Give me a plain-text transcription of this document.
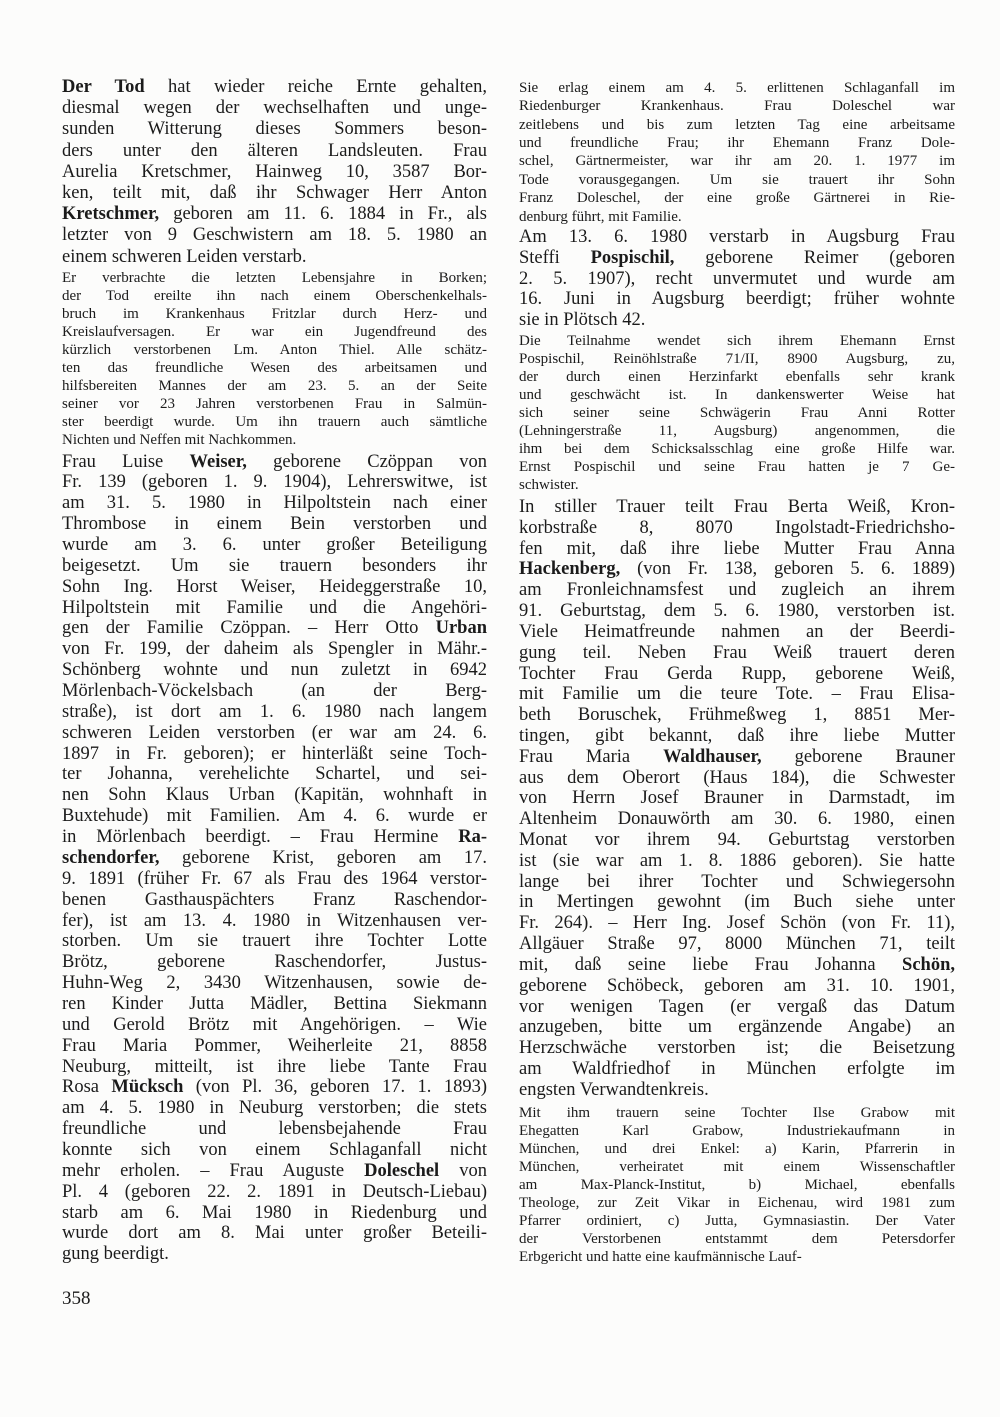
Der Tod hat wieder reiche Ernte gehalten,
diesmal wegen der wechselhaften und unge-
sunden Witterung dieses Sommers beson-
ders unter den älteren Landsleuten. Frau
Aurelia Kretschmer, Hainweg 10, 3587 Bor-
ken, teilt mit, daß ihr Schwager Herr Anton
Kretschmer, geboren am 11. 6. 1884 in Fr., als
letzter von 9 Geschwistern am 18. 5. 1980 an
einem schweren Leiden verstarb.
Er verbrachte die letzten Lebensjahre in Borken;
der Tod ereilte ihn nach einem Oberschenkelhals-
bruch im Krankenhaus Fritzlar durch Herz- und
Kreislaufversagen. Er war ein Jugendfreund des
kürzlich verstorbenen Lm. Anton Thiel. Alle schätz-
ten das freundliche Wesen des arbeitsamen und
hilfsbereiten Mannes der am 23. 5. an der Seite
seiner vor 23 Jahren verstorbenen Frau in Salmün-
ster beerdigt wurde. Um ihn trauern auch sämtliche
Nichten und Neffen mit Nachkommen.
Frau Luise Weiser, geborene Czöppan von
Fr. 139 (geboren 1. 9. 1904), Lehrerswitwe, ist
am 31. 5. 1980 in Hilpoltstein nach einer
Thrombose in einem Bein verstorben und
wurde am 3. 6. unter großer Beteiligung
beigesetzt. Um sie trauern besonders ihr
Sohn Ing. Horst Weiser, Heideggerstraße 10,
Hilpoltstein mit Familie und die Angehöri-
gen der Familie Czöppan. – Herr Otto Urban
von Fr. 199, der daheim als Spengler in Mähr.-
Schönberg wohnte und nun zuletzt in 6942
Mörlenbach-Vöckelsbach (an der Berg-
straße), ist dort am 1. 6. 1980 nach langem
schweren Leiden verstorben (er war am 24. 6.
1897 in Fr. geboren); er hinterläßt seine Toch-
ter Johanna, verehelichte Schartel, und sei-
nen Sohn Klaus Urban (Kapitän, wohnhaft in
Buxtehude) mit Familien. Am 4. 6. wurde er
in Mörlenbach beerdigt. – Frau Hermine Ra-
schendorfer, geborene Krist, geboren am 17.
9. 1891 (früher Fr. 67 als Frau des 1964 verstor-
benen Gasthauspächters Franz Raschendor-
fer), ist am 13. 4. 1980 in Witzenhausen ver-
storben. Um sie trauert ihre Tochter Lotte
Brötz, geborene Raschendorfer, Justus-
Huhn-Weg 2, 3430 Witzenhausen, sowie de-
ren Kinder Jutta Mädler, Bettina Siekmann
und Gerold Brötz mit Angehörigen. – Wie
Frau Maria Pommer, Weiherleite 21, 8858
Neuburg, mitteilt, ist ihre liebe Tante Frau
Rosa Mücksch (von Pl. 36, geboren 17. 1. 1893)
am 4. 5. 1980 in Neuburg verstorben; die stets
freundliche und lebensbejahende Frau
konnte sich von einem Schlaganfall nicht
mehr erholen. – Frau Auguste Doleschel von
Pl. 4 (geboren 22. 2. 1891 in Deutsch-Liebau)
starb am 6. Mai 1980 in Riedenburg und
wurde dort am 8. Mai unter großer Beteili-
gung beerdigt.
Sie erlag einem am 4. 5. erlittenen Schlaganfall im
Riedenburger Krankenhaus. Frau Doleschel war
zeitlebens und bis zum letzten Tag eine arbeitsame
und freundliche Frau; ihr Ehemann Franz Dole-
schel, Gärtnermeister, war ihr am 20. 1. 1977 im
Tode vorausgegangen. Um sie trauert ihr Sohn
Franz Doleschel, der eine große Gärtnerei in Rie-
denburg führt, mit Familie.
Am 13. 6. 1980 verstarb in Augsburg Frau
Steffi Pospischil, geborene Reimer (geboren
2. 5. 1907), recht unvermutet und wurde am
16. Juni in Augsburg beerdigt; früher wohnte
sie in Plötsch 42.
Die Teilnahme wendet sich ihrem Ehemann Ernst
Pospischil, Reinöhlstraße 71/II, 8900 Augsburg, zu,
der durch einen Herzinfarkt ebenfalls sehr krank
und geschwächt ist. In dankenswerter Weise hat
sich seiner seine Schwägerin Frau Anni Rotter
(Lehningerstraße 11, Augsburg) angenommen, die
ihm bei dem Schicksalsschlag eine große Hilfe war.
Ernst Pospischil und seine Frau hatten je 7 Ge-
schwister.
In stiller Trauer teilt Frau Berta Weiß, Kron-
korbstraße 8, 8070 Ingolstadt-Friedrichsho-
fen mit, daß ihre liebe Mutter Frau Anna
Hackenberg, (von Fr. 138, geboren 5. 6. 1889)
am Fronleichnamsfest und zugleich an ihrem
91. Geburtstag, dem 5. 6. 1980, verstorben ist.
Viele Heimatfreunde nahmen an der Beerdi-
gung teil. Neben Frau Weiß trauert deren
Tochter Frau Gerda Rupp, geborene Weiß,
mit Familie um die teure Tote. – Frau Elisa-
beth Boruschek, Frühmeßweg 1, 8851 Mer-
tingen, gibt bekannt, daß ihre liebe Mutter
Frau Maria Waldhauser, geborene Brauner
aus dem Oberort (Haus 184), die Schwester
von Herrn Josef Brauner in Darmstadt, im
Altenheim Donauwörth am 30. 6. 1980, einen
Monat vor ihrem 94. Geburtstag verstorben
ist (sie war am 1. 8. 1886 geboren). Sie hatte
lange bei ihrer Tochter und Schwiegersohn
in Mertingen gewohnt (im Buch siehe unter
Fr. 264). – Herr Ing. Josef Schön (von Fr. 11),
Allgäuer Straße 97, 8000 München 71, teilt
mit, daß seine liebe Frau Johanna Schön,
geborene Schöbeck, geboren am 31. 10. 1901,
vor wenigen Tagen (er vergaß das Datum
anzugeben, bitte um ergänzende Angabe) an
Herzschwäche verstorben ist; die Beisetzung
am Waldfriedhof in München erfolgte im
engsten Verwandtenkreis.
Mit ihm trauern seine Tochter Ilse Grabow mit
Ehegatten Karl Grabow, Industriekaufmann in
München, und drei Enkel: a) Karin, Pfarrerin in
München, verheiratet mit einem Wissenschaftler
am Max-Planck-Institut, b) Michael, ebenfalls
Theologe, zur Zeit Vikar in Eichenau, wird 1981 zum
Pfarrer ordiniert, c) Jutta, Gymnasiastin. Der Vater
der Verstorbenen entstammt dem Petersdorfer
Erbgericht und hatte eine kaufmännische Lauf-
358
